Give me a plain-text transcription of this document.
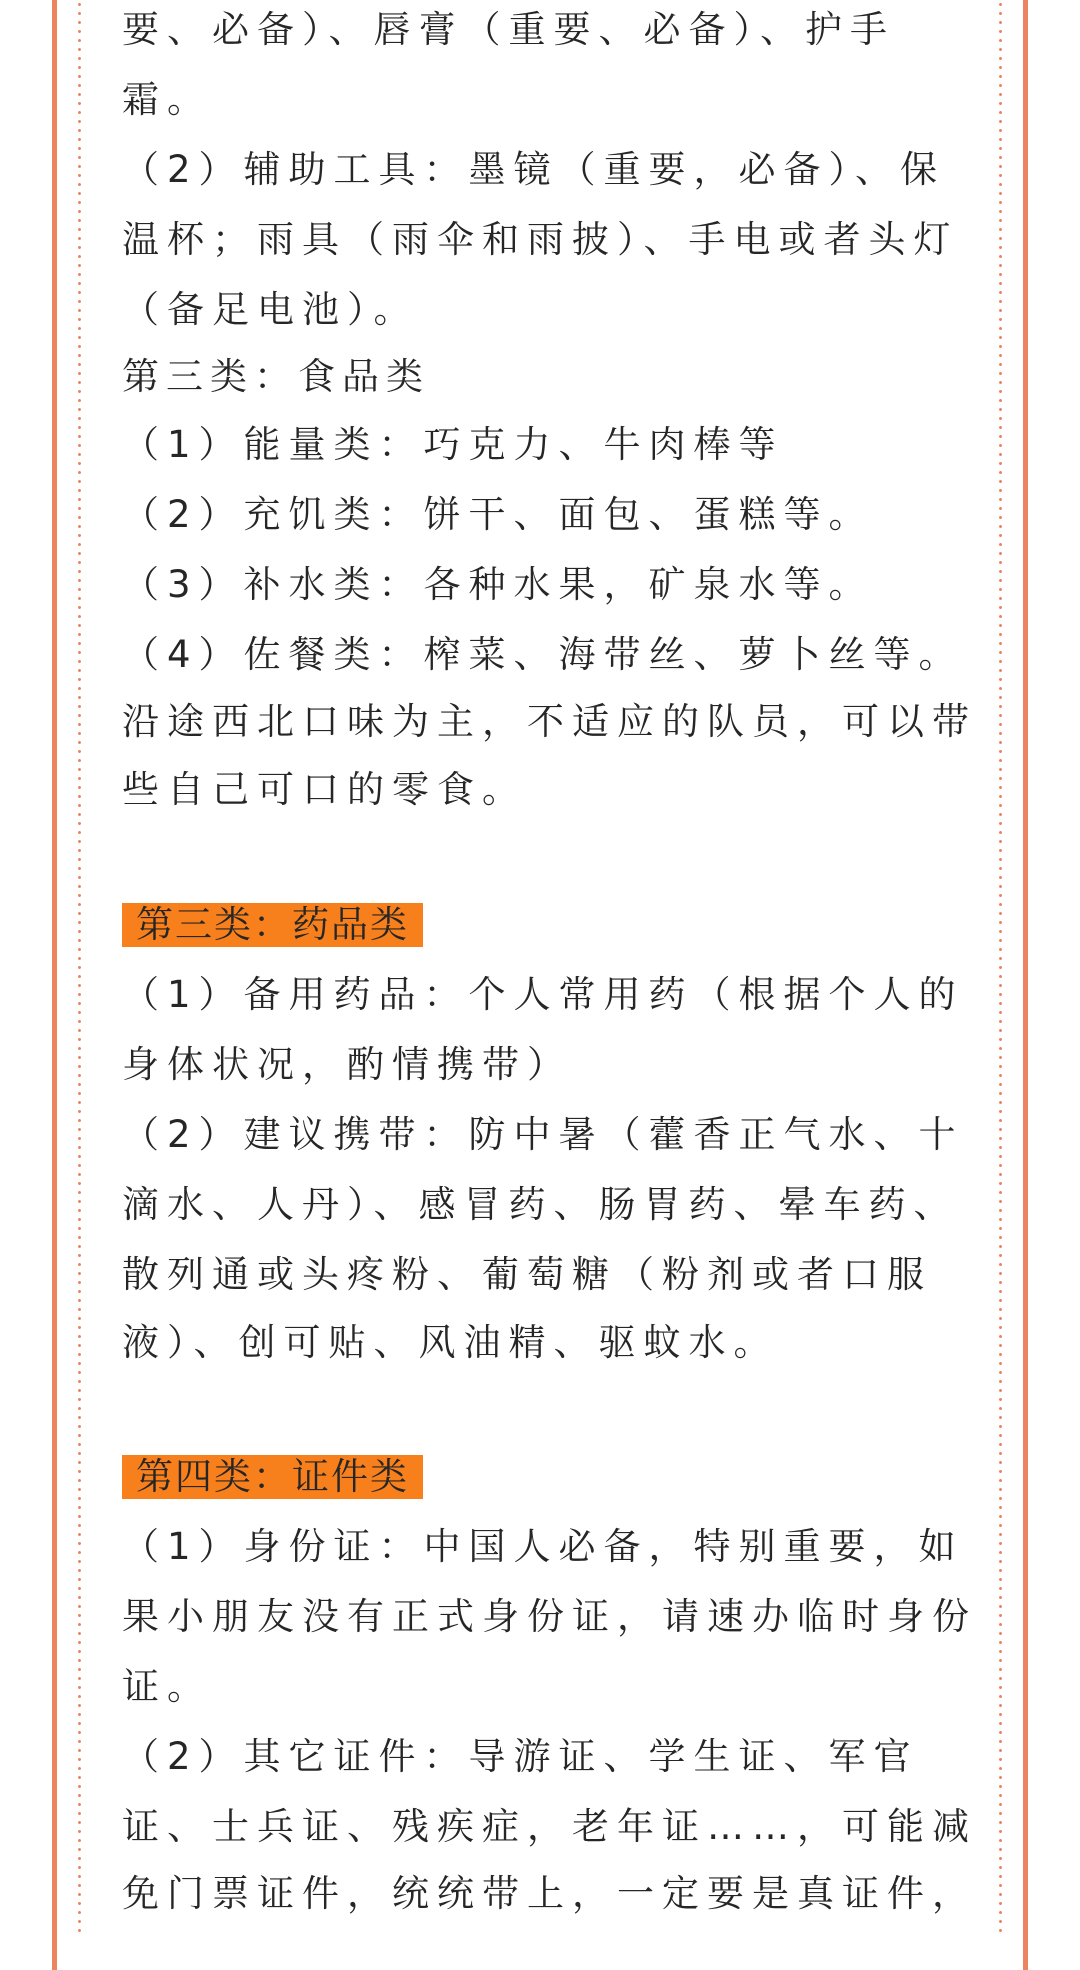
要、必备）、唇膏（重要、必备）、护手
霜。
（2）辅助工具：墨镜（重要，必备）、保
温杯；雨具（雨伞和雨披）、手电或者头灯
（备足电池）。
第三类：食品类
（1）能量类：巧克力、牛肉棒等
（2）充饥类：饼干、面包、蛋糕等。
（3）补水类：各种水果，矿泉水等。
（4）佐餐类：榨菜、海带丝、萝卜丝等。
沿途西北口味为主，不适应的队员，可以带
些自己可口的零食。
第三类：药品类
（1）备用药品：个人常用药（根据个人的
身体状况，酌情携带）
（2）建议携带：防中暑（藿香正气水、十
滴水、人丹）、感冒药、肠胃药、晕车药、
散列通或头疼粉、葡萄糖（粉剂或者口服
液）、创可贴、风油精、驱蚊水。
第四类：证件类
（1）身份证：中国人必备，特别重要，如
果小朋友没有正式身份证，请速办临时身份
证。
（2）其它证件：导游证、学生证、军官
证、士兵证、残疾症，老年证……，可能减
免门票证件，统统带上，一定要是真证件，
